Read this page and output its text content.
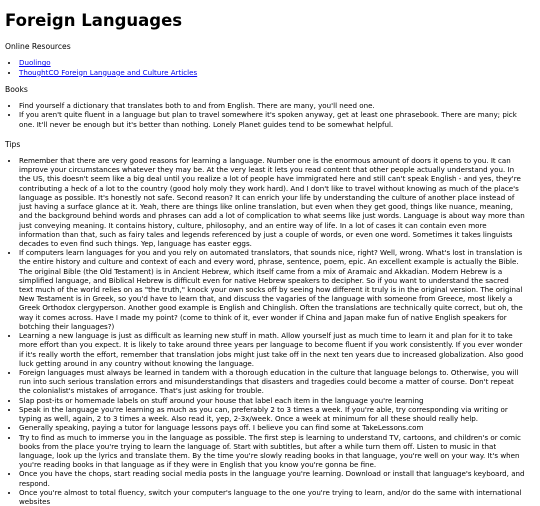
Foreign Languages
Online Resources
• Duolingo
• ThoughtCO Foreign Language and Culture Articles
Books
• Find yourself a dictionary that translates both to and from English. There are many, you'll need one.
• If you aren't quite fluent in a language but plan to travel somewhere it's spoken anyway, get at least one phrasebook. There are many; pick one. It'll never be enough but it's better than nothing. Lonely Planet guides tend to be somewhat helpful.
Tips
• Remember that there are very good reasons for learning a language. Number one is the enormous amount of doors it opens to you. It can improve your circumstances whatever they may be. At the very least it lets you read content that other people actually understand you. In the US, this doesn't seem like a big deal until you realize a lot of people have immigrated here and still can't speak English - and yes, they're contributing a heck of a lot to the country (good holy moly they work hard). And I don't like to travel without knowing as much of the place's language as possible. It's honestly not safe. Second reason? It can enrich your life by understanding the culture of another place instead of just having a surface glance at it. Yeah, there are things like online translation, but even when they get good, things like nuance, meaning, and the background behind words and phrases can add a lot of complication to what seems like just words. Language is about way more than just conveying meaning. It contains history, culture, philosophy, and an entire way of life. In a lot of cases it can contain even more information than that, such as fairy tales and legends referenced by just a couple of words, or even one word. Sometimes it takes linguists decades to even find such things. Yep, language has easter eggs.
• If computers learn languages for you and you rely on automated translators, that sounds nice, right? Well, wrong. What's lost in translation is the entire history and culture and context of each and every word, phrase, sentence, poem, epic. An excellent example is actually the Bible. The original Bible (the Old Testament) is in Ancient Hebrew, which itself came from a mix of Aramaic and Akkadian. Modern Hebrew is a simplified language, and Biblical Hebrew is difficult even for native Hebrew speakers to decipher. So if you want to understand the sacred text much of the world relies on as "the truth," knock your own socks off by seeing how different it truly is in the original version. The original New Testament is in Greek, so you'd have to learn that, and discuss the vagaries of the language with someone from Greece, most likely a Greek Orthodox clergyperson. Another good example is English and Chinglish. Often the translations are technically quite correct, but oh, the way it comes across. Have I made my point? (come to think of it, ever wonder if China and Japan make fun of native English speakers for botching their languages?)
• Learning a new language is just as difficult as learning new stuff in math. Allow yourself just as much time to learn it and plan for it to take more effort than you expect. It is likely to take around three years per language to become fluent if you work consistently. If you ever wonder if it's really worth the effort, remember that translation jobs might just take off in the next ten years due to increased globalization. Also good luck getting around in any country without knowing the language.
• Foreign languages must always be learned in tandem with a thorough education in the culture that language belongs to. Otherwise, you will run into such serious translation errors and misunderstandings that disasters and tragedies could become a matter of course. Don't repeat the colonialist's mistakes of arrogance. That's just asking for trouble.
• Slap post-its or homemade labels on stuff around your house that label each item in the language you're learning
• Speak in the language you're learning as much as you can, preferably 2 to 3 times a week. If you're able, try corresponding via writing or typing as well, again, 2 to 3 times a week. Also read it, yep, 2-3x/week. Once a week at minimum for all these should really help.
• Generally speaking, paying a tutor for language lessons pays off. I believe you can find some at TakeLessons.com
• Try to find as much to immerse you in the language as possible. The first step is learning to understand TV, cartoons, and children's or comic books from the place you're trying to learn the language of. Start with subtitles, but after a while turn them off. Listen to music in that language, look up the lyrics and translate them. By the time you're slowly reading books in that language, you're well on your way. It's when you're reading books in that language as if they were in English that you know you're gonna be fine.
• Once you have the chops, start reading social media posts in the language you're learning. Download or install that language's keyboard, and respond.
• Once you're almost to total fluency, switch your computer's language to the one you're trying to learn, and/or do the same with international websites
